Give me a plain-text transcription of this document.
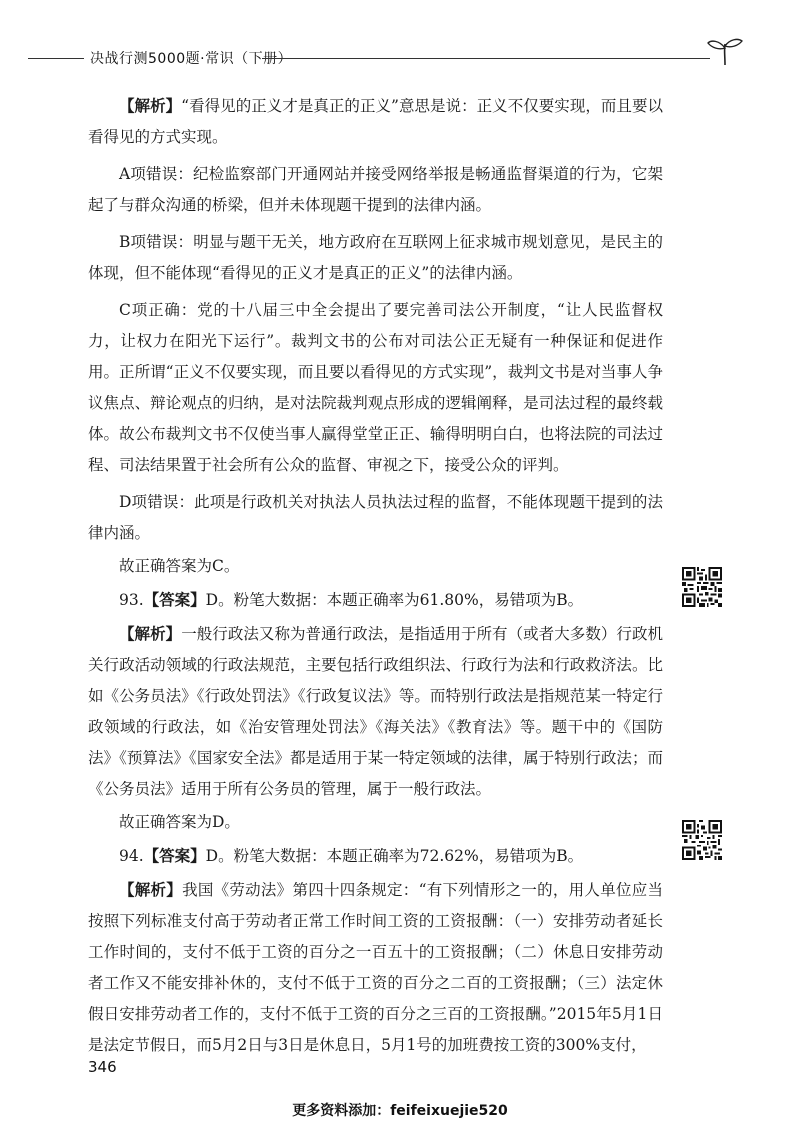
决战行测5000题·常识（下册）

【解析】“看得见的正义才是真正的正义”意思是说：正义不仅要实现，而且要以看得见的方式实现。

A项错误：纪检监察部门开通网站并接受网络举报是畅通监督渠道的行为，它架起了与群众沟通的桥梁，但并未体现题干提到的法律内涵。

B项错误：明显与题干无关，地方政府在互联网上征求城市规划意见，是民主的体现，但不能体现“看得见的正义才是真正的正义”的法律内涵。

C项正确：党的十八届三中全会提出了要完善司法公开制度，“让人民监督权力，让权力在阳光下运行”。裁判文书的公布对司法公正无疑有一种保证和促进作用。正所谓“正义不仅要实现，而且要以看得见的方式实现”，裁判文书是对当事人争议焦点、辩论观点的归纳，是对法院裁判观点形成的逻辑阐释，是司法过程的最终载体。故公布裁判文书不仅使当事人赢得堂堂正正、输得明明白白，也将法院的司法过程、司法结果置于社会所有公众的监督、审视之下，接受公众的评判。

D项错误：此项是行政机关对执法人员执法过程的监督，不能体现题干提到的法律内涵。

故正确答案为C。

93.【答案】D。粉笔大数据：本题正确率为61.80%，易错项为B。

【解析】一般行政法又称为普通行政法，是指适用于所有（或者大多数）行政机关行政活动领域的行政法规范，主要包括行政组织法、行政行为法和行政救济法。比如《公务员法》《行政处罚法》《行政复议法》等。而特别行政法是指规范某一特定行政领域的行政法，如《治安管理处罚法》《海关法》《教育法》等。题干中的《国防法》《预算法》《国家安全法》都是适用于某一特定领域的法律，属于特别行政法；而《公务员法》适用于所有公务员的管理，属于一般行政法。

故正确答案为D。

94.【答案】D。粉笔大数据：本题正确率为72.62%，易错项为B。

【解析】我国《劳动法》第四十四条规定：“有下列情形之一的，用人单位应当按照下列标准支付高于劳动者正常工作时间工资的工资报酬：（一）安排劳动者延长工作时间的，支付不低于工资的百分之一百五十的工资报酬；（二）休息日安排劳动者工作又不能安排补休的，支付不低于工资的百分之二百的工资报酬；（三）法定休假日安排劳动者工作的，支付不低于工资的百分之三百的工资报酬。”2015年5月1日是法定节假日，而5月2日与3日是休息日，5月1号的加班费按工资的300%支付，

346
更多资料添加：feifeixuejie520
